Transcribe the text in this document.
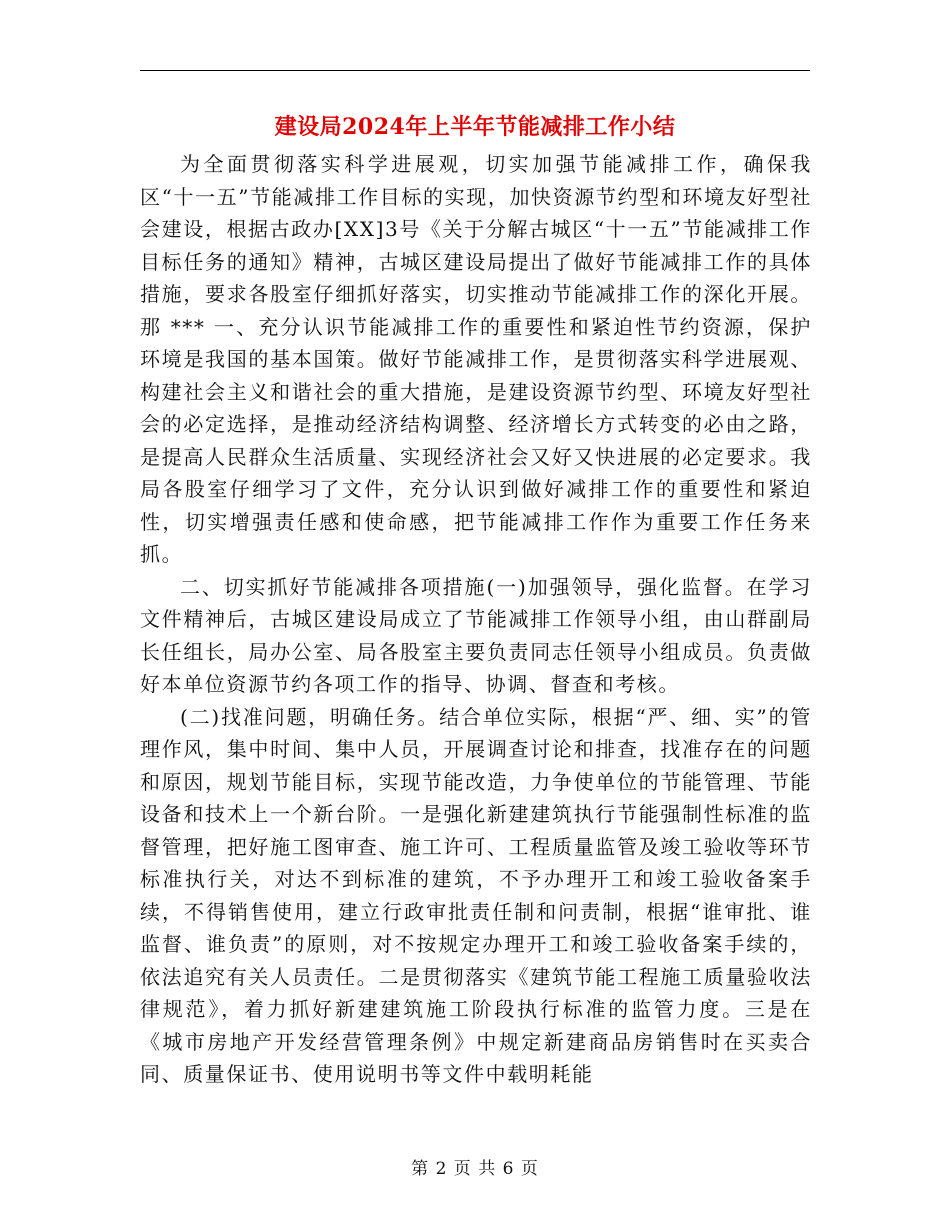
建设局2024年上半年节能减排工作小结

为全面贯彻落实科学进展观，切实加强节能减排工作，确保我区“十一五”节能减排工作目标的实现，加快资源节约型和环境友好型社会建设，根据古政办[XX]3号《关于分解古城区“十一五”节能减排工作目标任务的通知》精神，古城区建设局提出了做好节能减排工作的具体措施，要求各股室仔细抓好落实，切实推动节能减排工作的深化开展。那 *** 一、充分认识节能减排工作的重要性和紧迫性节约资源，保护环境是我国的基本国策。做好节能减排工作，是贯彻落实科学进展观、构建社会主义和谐社会的重大措施，是建设资源节约型、环境友好型社会的必定选择，是推动经济结构调整、经济增长方式转变的必由之路，是提高人民群众生活质量、实现经济社会又好又快进展的必定要求。我局各股室仔细学习了文件，充分认识到做好减排工作的重要性和紧迫性，切实增强责任感和使命感，把节能减排工作作为重要工作任务来抓。

二、切实抓好节能减排各项措施(一)加强领导，强化监督。在学习文件精神后，古城区建设局成立了节能减排工作领导小组，由山群副局长任组长，局办公室、局各股室主要负责同志任领导小组成员。负责做好本单位资源节约各项工作的指导、协调、督查和考核。

(二)找准问题，明确任务。结合单位实际，根据“严、细、实”的管理作风，集中时间、集中人员，开展调查讨论和排查，找准存在的问题和原因，规划节能目标，实现节能改造，力争使单位的节能管理、节能设备和技术上一个新台阶。一是强化新建建筑执行节能强制性标准的监督管理，把好施工图审查、施工许可、工程质量监管及竣工验收等环节标准执行关，对达不到标准的建筑，不予办理开工和竣工验收备案手续，不得销售使用，建立行政审批责任制和问责制，根据“谁审批、谁监督、谁负责”的原则，对不按规定办理开工和竣工验收备案手续的，依法追究有关人员责任。二是贯彻落实《建筑节能工程施工质量验收法律规范》，着力抓好新建建筑施工阶段执行标准的监管力度。三是在《城市房地产开发经营管理条例》中规定新建商品房销售时在买卖合同、质量保证书、使用说明书等文件中载明耗能

第 2 页 共 6 页
